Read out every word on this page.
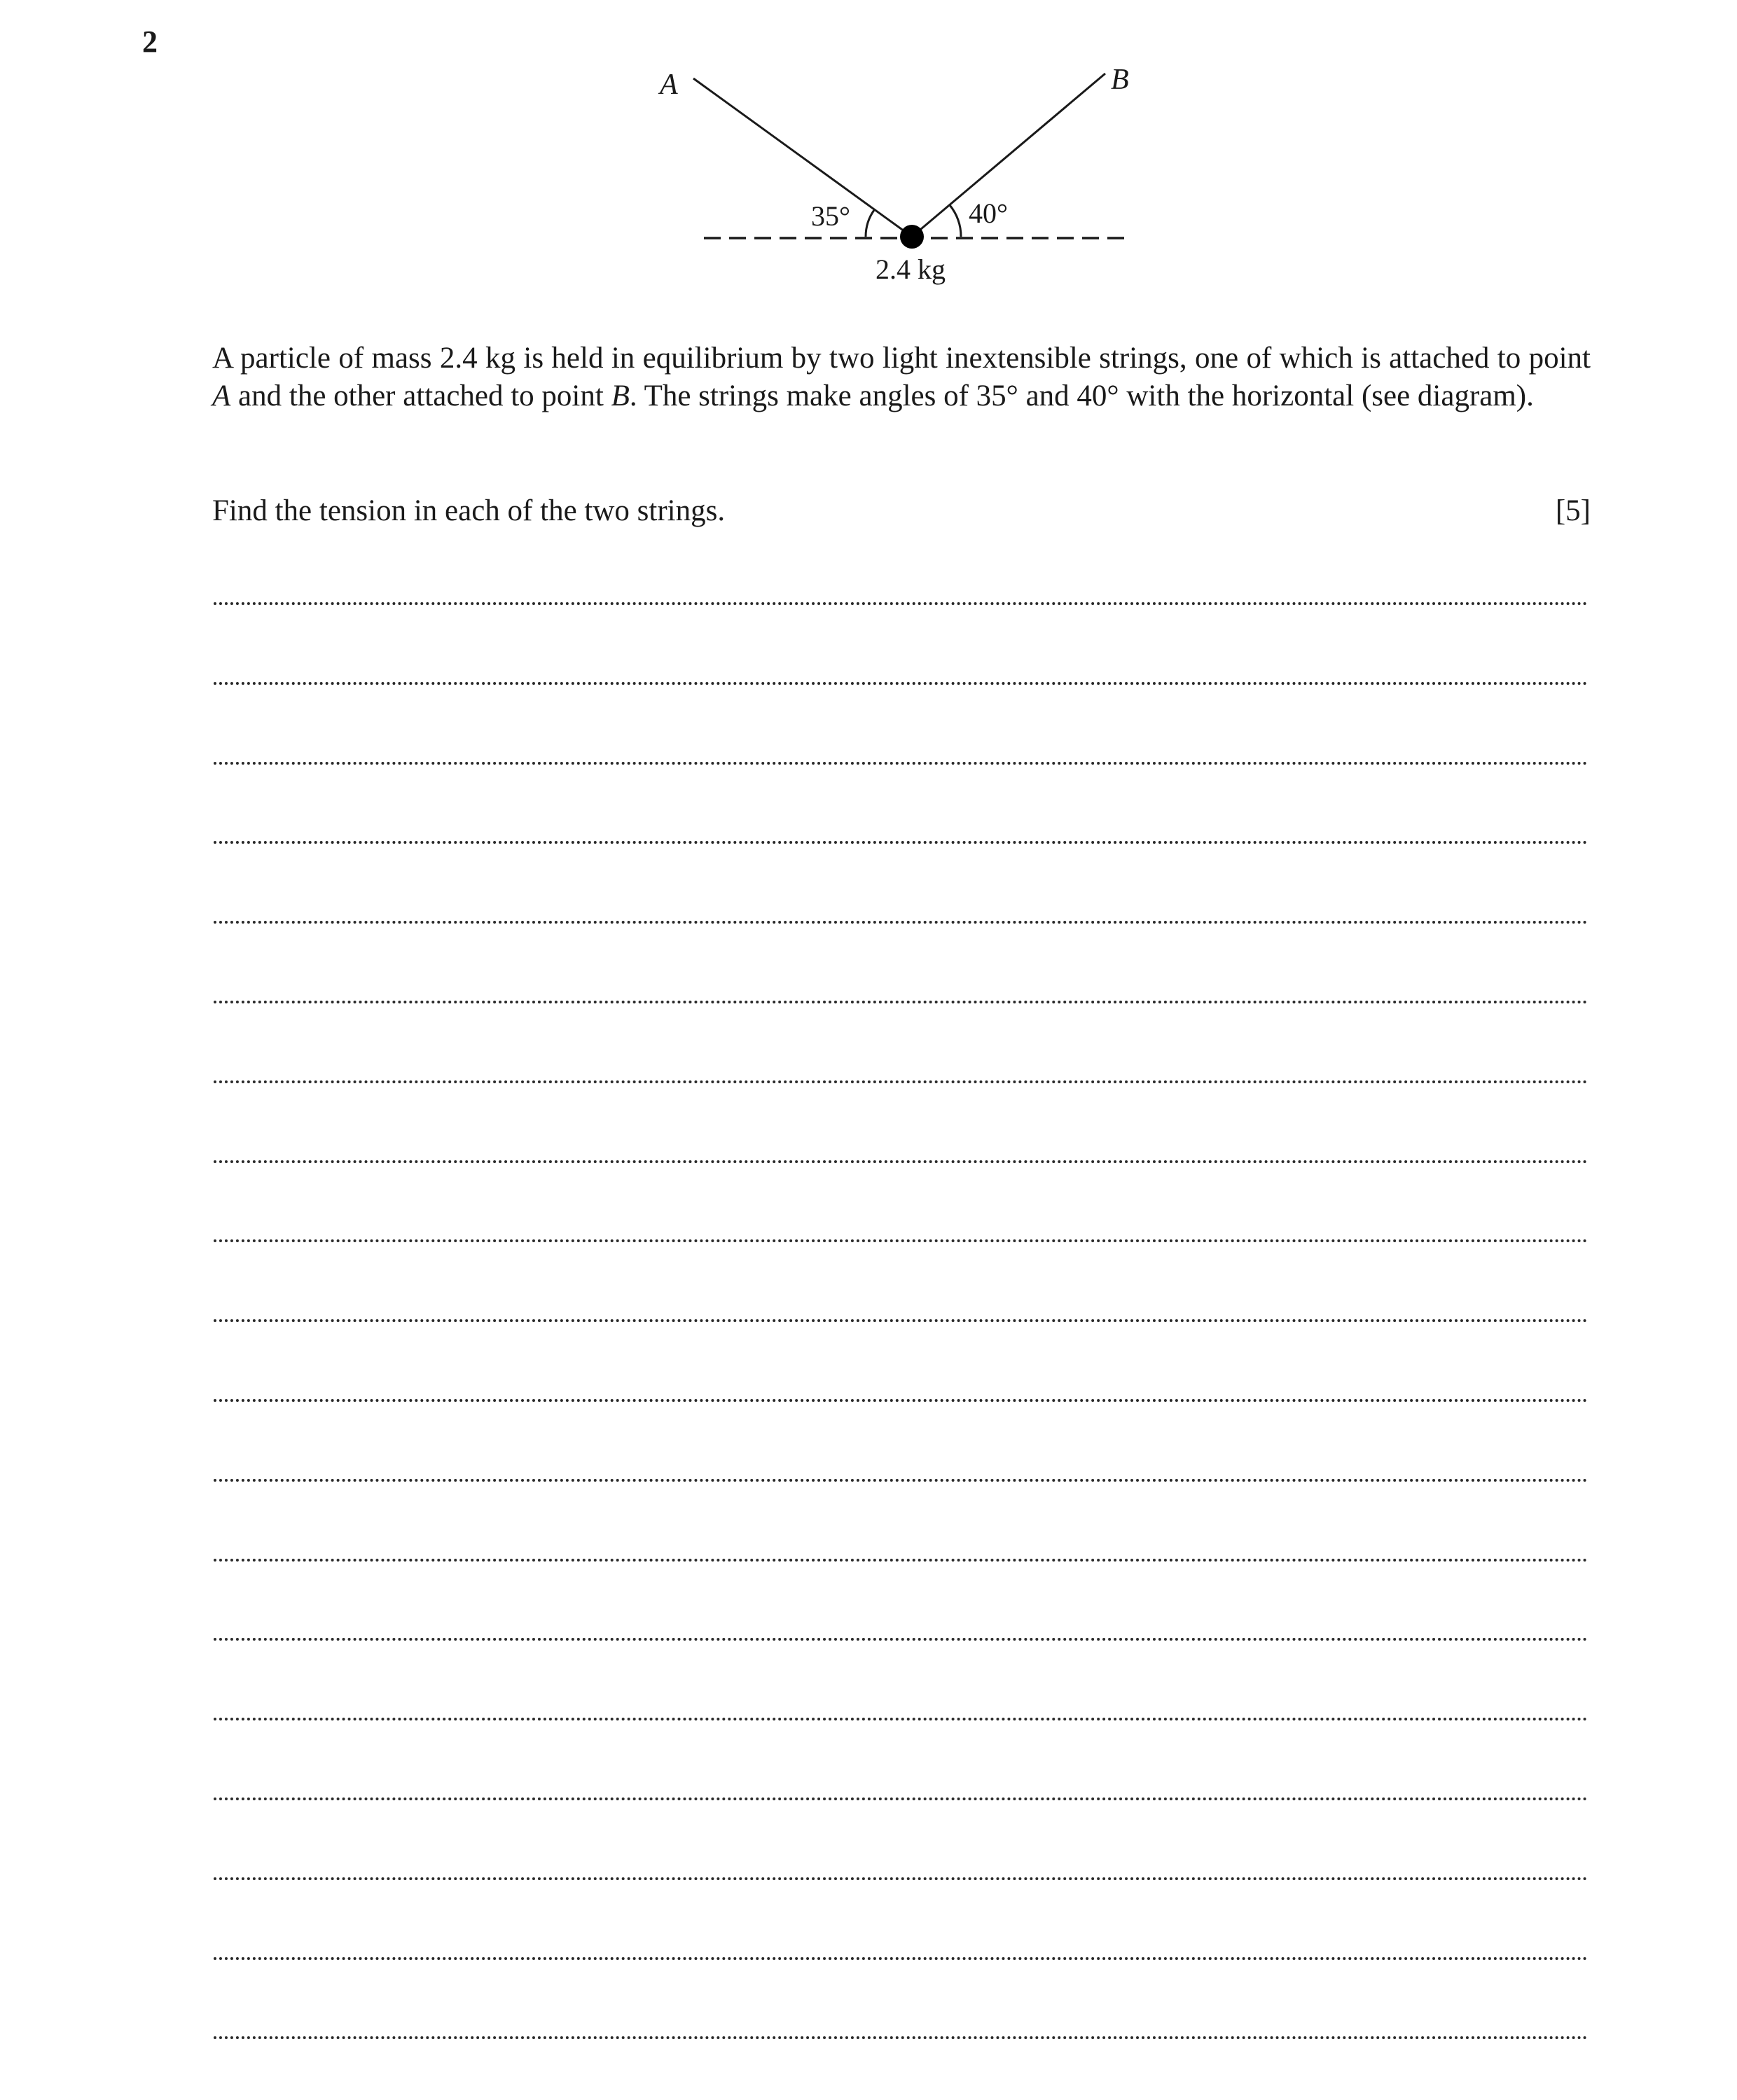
2
A	B
35°	40°
2.4 kg

A particle of mass 2.4 kg is held in equilibrium by two light inextensible strings, one of which is attached to point A and the other attached to point B. The strings make angles of 35° and 40° with the horizontal (see diagram).

Find the tension in each of the two strings.	[5]
